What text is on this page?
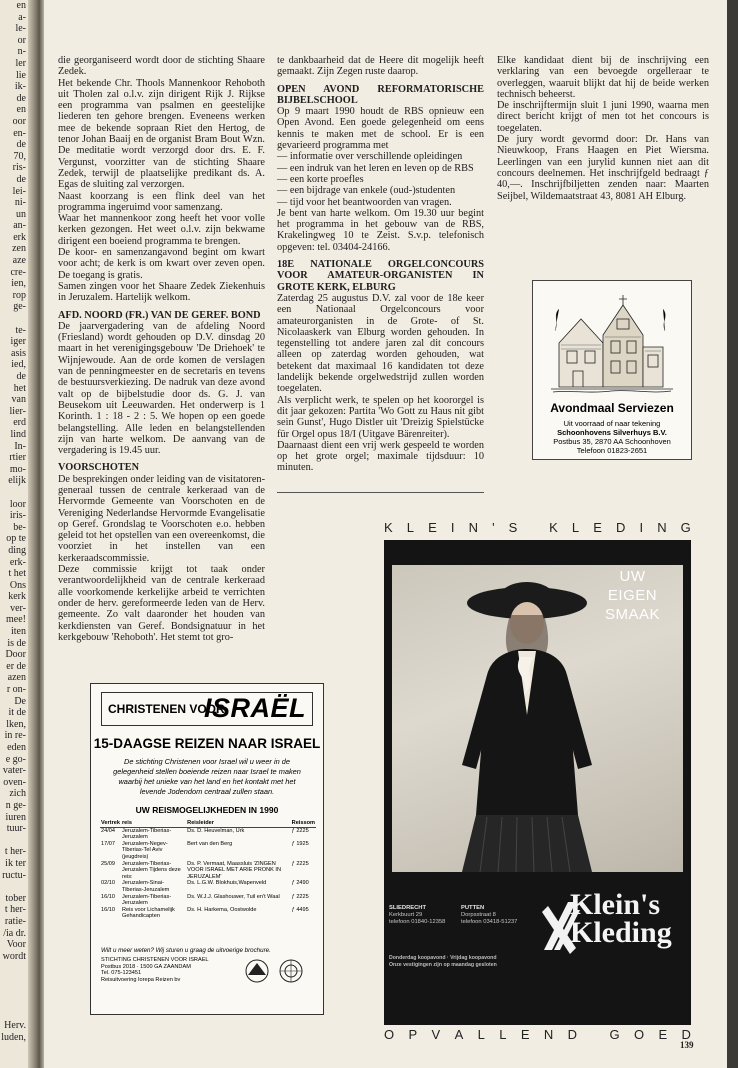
en
a-
le-
or
n-
ler
lie
ik-
de
en
oor
en-
de
70,
ris-
de
lei-
ni-
un
an-
erk
zen
aze
cre-
ien,
rop
ge-

te-
iger
asis
ied,
de
het
van
lier-
erd
lind
In-
rtier
mo-
elijk

loor
iris-
be-
op te
ding
erk-
t het
Ons
kerk
ver-
mee!
iten
is de
Door
er de
azen
r on-
De
it de
lken,
in re-
eden
e go-
vater-
oven-
zich
n ge-
iuren
tuur-

t her-
ik ter
ructu-

tober
t her-
ratie-
/ia dr.
Voor
wordt

Herv.
luden,

die georganiseerd wordt door de stichting Shaare Zedek.

Het bekende Chr. Thools Mannenkoor Rehoboth uit Tholen zal o.l.v. zijn dirigent Rijk J. Rijkse een programma van psalmen en geestelijke liederen ten gehore brengen. Eveneens werken mee de bekende sopraan Riet den Hertog, de tenor Johan Baaij en de organist Bram Bout Wzn. De meditatie wordt verzorgd door drs. E. F. Vergunst, voorzitter van de stichting Shaare Zedek, terwijl de plaatselijke predikant ds. A. Egas de sluiting zal verzorgen.

Naast koorzang is een flink deel van het programma ingeruimd voor samenzang.

Waar het mannenkoor zong heeft het voor volle kerken gezongen. Het weet o.l.v. zijn bekwame dirigent een boeiend programma te brengen.

De koor- en samenzangavond begint om kwart voor acht; de kerk is om kwart over zeven open. De toegang is gratis.

Samen zingen voor het Shaare Zedek Ziekenhuis in Jeruzalem. Hartelijk welkom.

AFD. NOORD (FR.) VAN DE GEREF. BOND

De jaarvergadering van de afdeling Noord (Friesland) wordt gehouden op D.V. dinsdag 20 maart in het verenigingsgebouw 'De Driehoek' te Wijnjewoude. Aan de orde komen de verslagen van de penningmeester en de secretaris en tevens de bestuursverkiezing. De nadruk van deze avond valt op de bijbelstudie door ds. G. J. van Beusekom uit Leeuwarden. Het onderwerp is 1 Korinth. 1 : 18 - 2 : 5. We hopen op een goede belangstelling. Alle leden en belangstellenden zijn van harte welkom. De aanvang van de vergadering is 19.45 uur.

VOORSCHOTEN

De besprekingen onder leiding van de visitatoren-generaal tussen de centrale kerkeraad van de Hervormde Gemeente van Voorschoten en de Vereniging Nederlandse Hervormde Evangelisatie op Geref. Grondslag te Voorschoten e.o. hebben geleid tot het opstellen van een overeenkomst, die voorziet in het instellen van een kerkeraadscommissie.

Deze commissie krijgt tot taak onder verantwoordelijkheid van de centrale kerkeraad alle voorkomende kerkelijke arbeid te verrichten onder de herv. gereformeerde leden van de Herv. gemeente. Zo valt daaronder het houden van kerkdiensten van Geref. Bondsignatuur in het kerkgebouw 'Rehoboth'. Het stemt tot gro-

te dankbaarheid dat de Heere dit mogelijk heeft gemaakt. Zijn Zegen ruste daarop.

OPEN AVOND REFORMATORISCHE BIJBELSCHOOL

Op 9 maart 1990 houdt de RBS opnieuw een Open Avond. Een goede gelegenheid om eens kennis te maken met de school. Er is een gevarieerd programma met

— informatie over verschillende opleidingen

— een indruk van het leren en leven op de RBS

— een korte proefles

— een bijdrage van enkele (oud-)studenten

— tijd voor het beantwoorden van vragen.

Je bent van harte welkom. Om 19.30 uur begint het programma in het gebouw van de RBS, Krakelingweg 10 te Zeist. S.v.p. telefonisch opgeven: tel. 03404-24166.

18E NATIONALE ORGELCONCOURS VOOR AMATEUR-ORGANISTEN IN GROTE KERK, ELBURG

Zaterdag 25 augustus D.V. zal voor de 18e keer een Nationaal Orgelconcours voor amateurorganisten in de Grote- of St. Nicolaaskerk van Elburg worden gehouden. In tegenstelling tot andere jaren zal dit concours alleen op zaterdag worden gehouden, wat betekent dat maximaal 16 kandidaten tot deze landelijk bekende orgelwedstrijd zullen worden toegelaten.

Als verplicht werk, te spelen op het koororgel is dit jaar gekozen: Partita 'Wo Gott zu Haus nit gibt sein Gunst', Hugo Distler uit 'Dreizig Spielstücke für Orgel opus 18/I (Uitgave Bärenreiter).

Daarnaast dient een vrij werk gespeeld te worden op het grote orgel; maximale tijdsduur: 10 minuten.

Elke kandidaat dient bij de inschrijving een verklaring van een bevoegde orgelleraar te overleggen, waaruit blijkt dat hij de beide werken technisch beheerst.

De inschrijftermijn sluit 1 juni 1990, waarna men direct bericht krijgt of men tot het concours is toegelaten.

De jury wordt gevormd door: Dr. Hans van Nieuwkoop, Frans Haagen en Piet Wiersma. Leerlingen van een jurylid kunnen niet aan dit concours deelnemen. Het inschrijfgeld bedraagt ƒ 40,—. Inschrijfbiljetten zenden naar: Maarten Seijbel, Wildemaatstraat 43, 8081 AH Elburg.

Avondmaal Serviezen
Uit voorraad of naar tekening
Schoonhovens Silverhuys B.V.
Postbus 35, 2870 AA Schoonhoven
Telefoon 01823-2651
CHRISTENEN VOOR
ISRAËL
15-DAAGSE REIZEN NAAR ISRAEL
De stichting Christenen voor Israel wil u weer in de gelegenheid stellen boeiende reizen naar Israel te maken waarbij het unieke van het land en het kontakt met het levende Jodendom centraal zullen staan.
UW REISMOGELIJKHEDEN IN 1990
Vertrek	reis	Reisleider	Reissom
24/04	Jeruzalem-Tiberias-Jeruzalem	Ds. D. Heuvelman, Urk	ƒ 2225
17/07	Jeruzalem-Negev-Tiberias-Tel Aviv (jeugdreis)	Bert van den Berg	ƒ 1925
25/09	Jeruzalem-Tiberias-Jeruzalem Tijdens deze reis:	Ds. P. Vermaat, Maassluis 'ZINGEN VOOR ISRAEL MET ARIE PRONK IN JERUZALEM'	ƒ 2225
02/10	Jeruzalem-Sinai-Tiberias-Jeruzalem	Ds. L.G.W. Blokhuis,Wapenveld	ƒ 2490
16/10	Jeruzalem-Tiberias-Jeruzalem	Ds. W.J.J. Glashouwer, Tuil en't Waal	ƒ 2225
16/10	Reis voor Lichamelijk Gehandicapten	Ds. H. Harkema, Oostwolde	ƒ 4495
Wilt u meer weten? Wij sturen u graag de uitvoerige brochure.
STICHTING CHRISTENEN VOOR ISRAEL
Postbus 2018 · 1500 GA ZAANDAM
Tel. 075-123451
Reisuitvoering Iorepa Reizen bv
K L E I N ' S
K L E D I N G
UW
EIGEN
SMAAK
SLIEDRECHT
Kerkbuurt 29
telefoon 01840-12358
PUTTEN
Dorpsstraat 8
telefoon 03418-51237
Donderdag koopavond · Vrijdag koopavond
Onze vestigingen zijn op maandag gesloten
Klein's
Kleding
O P V A L L E N D
G O E D
139
